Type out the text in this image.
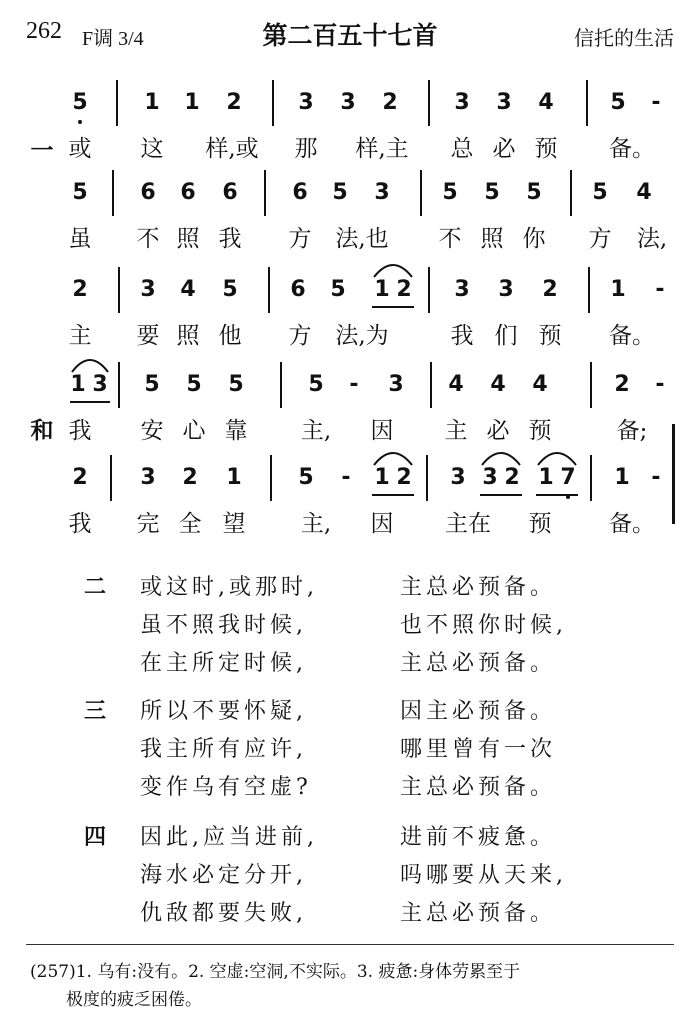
262 F调 3/4	第二百五十七首	信托的生活
5	1 1 2	3 3 2	3 3 4	5 -
一 或 这 样,或 那 样,主 总 必 预 备。
5 6 6 6 6 5 3 5 5 5 5 4
虽 不 照 我 方 法,也 不 照 你 方 法,
2 3 4 5 6 5 1 2 3 3 2 1 -
主 要 照 他 方 法,为	我 们 预 备。
1 3 5 5 5	5 - 3 4 4 4	2 -
和 我 安 心 靠 主, 因 主 必 预	备;
2 3 2 1	5 - 1 2 3 3 2 1 7 1 -
我 完 全 望 主, 因 主在 预	备。
二 或这时,或那时,	主总必预备。
虽不照我时候,	也不照你时候,
在主所定时候,	主总必预备。
三 所以不要怀疑,	因主必预备。
我主所有应许,	哪里曾有一次
变作乌有空虚?	主总必预备。
四 因此,应当进前,	进前不疲惫。
海水必定分开,	吗哪要从天来,
仇敌都要失败,	主总必预备。
(257)1. 乌有:没有。2. 空虚:空洞,不实际。3. 疲惫:身体劳累至于
极度的疲乏困倦。
